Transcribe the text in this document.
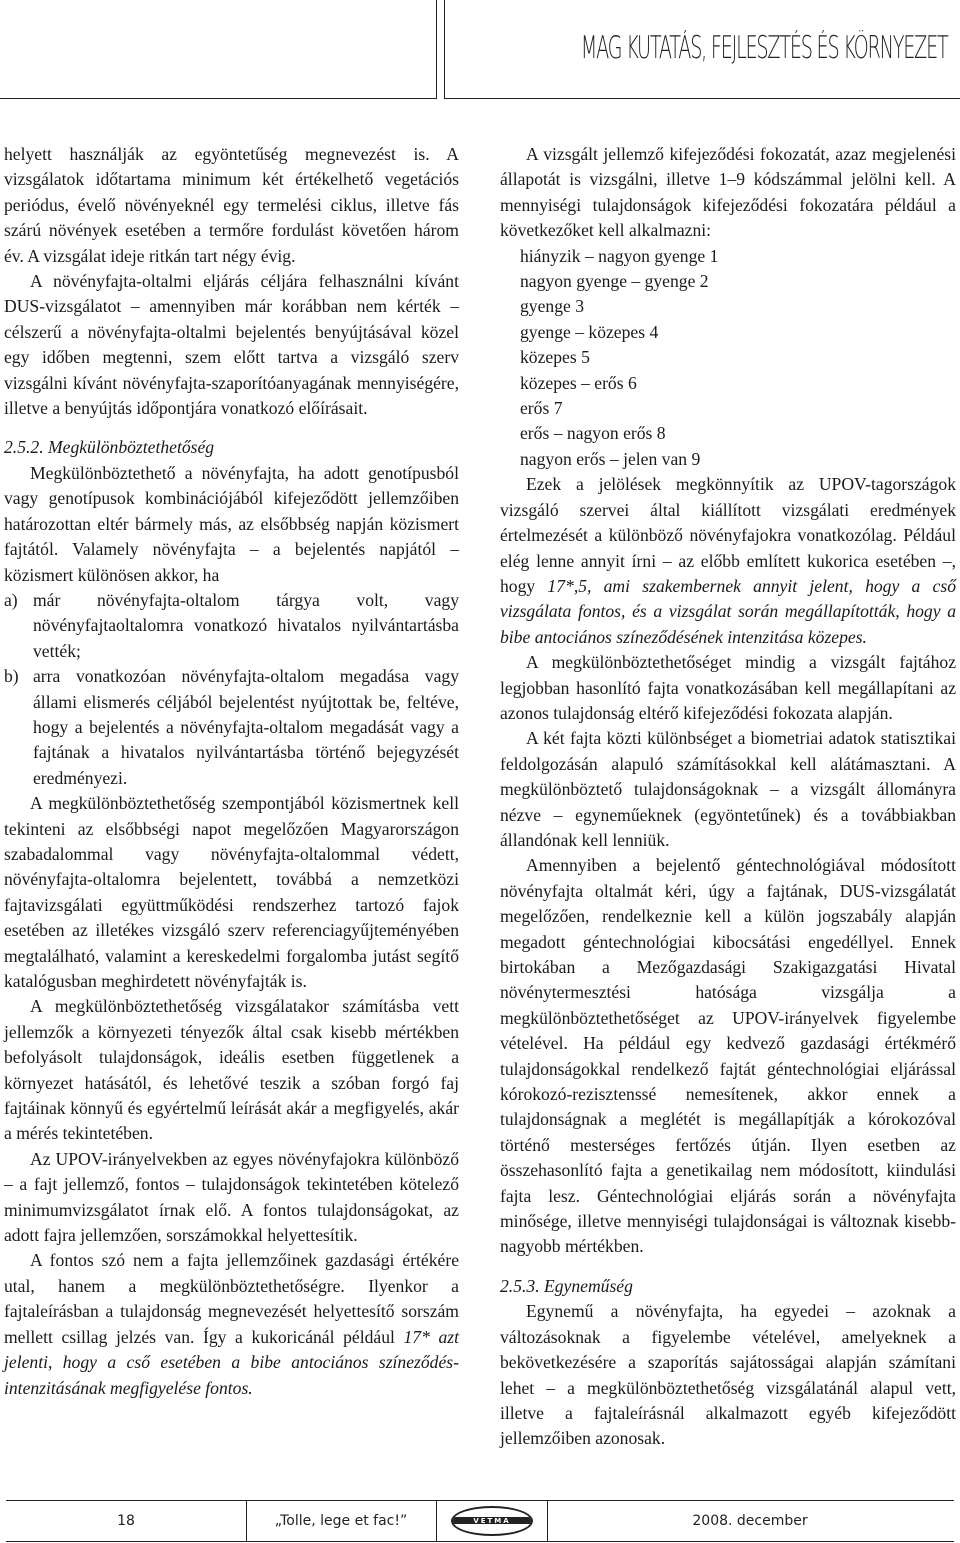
MAG KUTATÁS, FEJLESZTÉS ÉS KÖRNYEZET

helyett használják az egyöntetűség megnevezést is. A vizsgálatok időtartama minimum két értékelhető vegetációs periódus, évelő növényeknél egy termelési ciklus, illetve fás szárú növények esetében a termőre fordulást követően három év. A vizsgálat ideje ritkán tart négy évig.

A növényfajta-oltalmi eljárás céljára felhasználni kívánt DUS-vizsgálatot – amennyiben már korábban nem kérték – célszerű a növényfajta-oltalmi bejelentés benyújtásával közel egy időben megtenni, szem előtt tartva a vizsgáló szerv vizsgálni kívánt növényfajta-szaporítóanyagának mennyiségére, illetve a benyújtás időpontjára vonatkozó előírásait.

2.5.2. Megkülönböztethetőség

Megkülönböztethető a növényfajta, ha adott genotípusból vagy genotípusok kombinációjából kifejeződött jellemzőiben határozottan eltér bármely más, az elsőbbség napján közismert fajtától. Valamely növényfajta – a bejelentés napjától – közismert különösen akkor, ha

a) már növényfajta-oltalom tárgya volt, vagy növényfajtaoltalomra vonatkozó hivatalos nyilvántartásba vették;
b) arra vonatkozóan növényfajta-oltalom megadása vagy állami elismerés céljából bejelentést nyújtottak be, feltéve, hogy a bejelentés a növényfajta-oltalom megadását vagy a fajtának a hivatalos nyilvántartásba történő bejegyzését eredményezi.

A megkülönböztethetőség szempontjából közismertnek kell tekinteni az elsőbbségi napot megelőzően Magyarországon szabadalommal vagy növényfajta-oltalommal védett, növényfajta-oltalomra bejelentett, továbbá a nemzetközi fajtavizsgálati együttműködési rendszerhez tartozó fajok esetében az illetékes vizsgáló szerv referenciagyűjteményében megtalálható, valamint a kereskedelmi forgalomba jutást segítő katalógusban meghirdetett növényfajták is.

A megkülönböztethetőség vizsgálatakor számításba vett jellemzők a környezeti tényezők által csak kisebb mértékben befolyásolt tulajdonságok, ideális esetben függetlenek a környezet hatásától, és lehetővé teszik a szóban forgó faj fajtáinak könnyű és egyértelmű leírását akár a megfigyelés, akár a mérés tekintetében.

Az UPOV-irányelvekben az egyes növényfajokra különböző – a fajt jellemző, fontos – tulajdonságok tekintetében kötelező minimumvizsgálatot írnak elő. A fontos tulajdonságokat, az adott fajra jellemzően, sorszámokkal helyettesítik.

A fontos szó nem a fajta jellemzőinek gazdasági értékére utal, hanem a megkülönböztethetőségre. Ilyenkor a fajtaleírásban a tulajdonság megnevezését helyettesítő sorszám mellett csillag jelzés van. Így a kukoricánál például 17* azt jelenti, hogy a cső esetében a bibe antociános színeződés-intenzitásának megfigyelése fontos.

A vizsgált jellemző kifejeződési fokozatát, azaz megjelenési állapotát is vizsgálni, illetve 1–9 kódszámmal jelölni kell. A mennyiségi tulajdonságok kifejeződési fokozatára például a következőket kell alkalmazni:

hiányzik – nagyon gyenge 1
nagyon gyenge – gyenge 2
gyenge 3
gyenge – közepes 4
közepes 5
közepes – erős 6
erős 7
erős – nagyon erős 8
nagyon erős – jelen van 9

Ezek a jelölések megkönnyítik az UPOV-tagországok vizsgáló szervei által kiállított vizsgálati eredmények értelmezését a különböző növényfajokra vonatkozólag. Például elég lenne annyit írni – az előbb említett kukorica esetében –, hogy 17*,5, ami szakembernek annyit jelent, hogy a cső vizsgálata fontos, és a vizsgálat során megállapították, hogy a bibe antociános színeződésének intenzitása közepes.

A megkülönböztethetőséget mindig a vizsgált fajtához legjobban hasonlító fajta vonatkozásában kell megállapítani az azonos tulajdonság eltérő kifejeződési fokozata alapján.

A két fajta közti különbséget a biometriai adatok statisztikai feldolgozásán alapuló számításokkal kell alátámasztani. A megkülönböztető tulajdonságoknak – a vizsgált állományra nézve – egyneműeknek (egyöntetűnek) és a továbbiakban állandónak kell lenniük.

Amennyiben a bejelentő géntechnológiával módosított növényfajta oltalmát kéri, úgy a fajtának, DUS-vizsgálatát megelőzően, rendelkeznie kell a külön jogszabály alapján megadott géntechnológiai kibocsátási engedéllyel. Ennek birtokában a Mezőgazdasági Szakigazgatási Hivatal növénytermesztési hatósága vizsgálja a megkülönböztethetőséget az UPOV-irányelvek figyelembe vételével. Ha például egy kedvező gazdasági értékmérő tulajdonságokkal rendelkező fajtát géntechnológiai eljárással kórokozó-rezisztenssé nemesítenek, akkor ennek a tulajdonságnak a meglétét is megállapítják a kórokozóval történő mesterséges fertőzés útján. Ilyen esetben az összehasonlító fajta a genetikailag nem módosított, kiindulási fajta lesz. Géntechnológiai eljárás során a növényfajta minősége, illetve mennyiségi tulajdonságai is változnak kisebb-nagyobb mértékben.

2.5.3. Egyneműség

Egynemű a növényfajta, ha egyedei – azoknak a változásoknak a figyelembe vételével, amelyeknek a bekövetkezésére a szaporítás sajátosságai alapján számítani lehet – a megkülönböztethetőség vizsgálatánál alapul vett, illetve a fajtaleírásnál alkalmazott egyéb kifejeződött jellemzőiben azonosak.

18	„Tolle, lege et fac!”	VETMA	2008. december
